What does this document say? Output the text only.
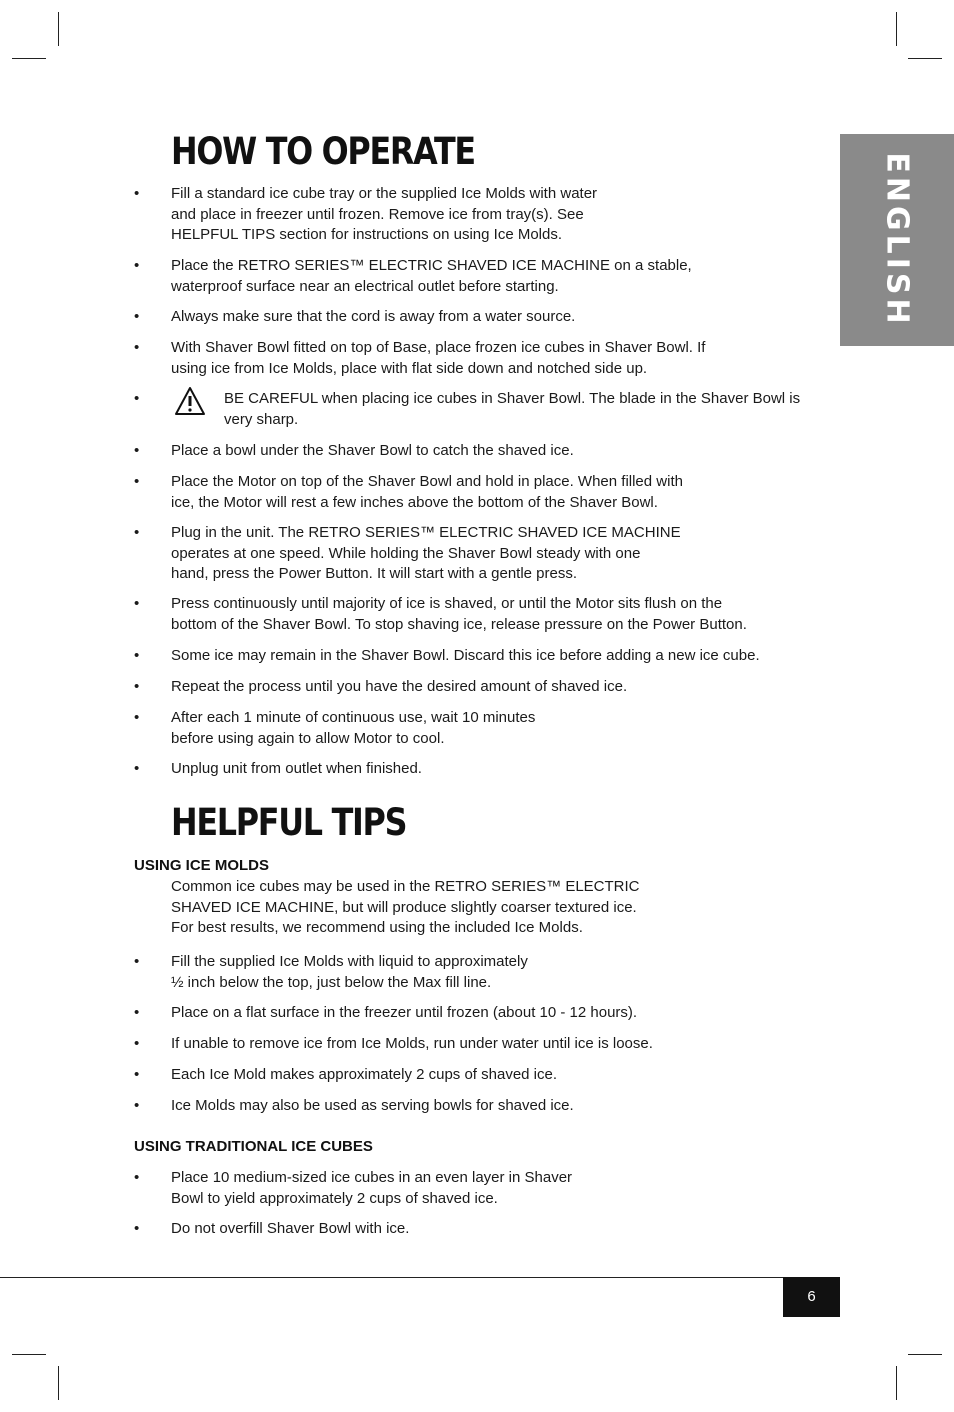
ENGLISH
HOW TO OPERATE
•	Fill a standard ice cube tray or the supplied Ice Molds with water
and place in freezer until frozen. Remove ice from tray(s). See
HELPFUL TIPS section for instructions on using Ice Molds.
•	Place the RETRO SERIES™ ELECTRIC SHAVED ICE MACHINE on a stable,
waterproof surface near an electrical outlet before starting.
•	Always make sure that the cord is away from a water source.
•	With Shaver Bowl fitted on top of Base, place frozen ice cubes in Shaver Bowl. If
using ice from Ice Molds, place with flat side down and notched side up.
•	BE CAREFUL when placing ice cubes in Shaver Bowl. The blade in the Shaver Bowl is
very sharp.
•	Place a bowl under the Shaver Bowl to catch the shaved ice.
•	Place the Motor on top of the Shaver Bowl and hold in place. When filled with
ice, the Motor will rest a few inches above the bottom of the Shaver Bowl.
•	Plug in the unit. The RETRO SERIES™ ELECTRIC SHAVED ICE MACHINE
operates at one speed. While holding the Shaver Bowl steady with one
hand, press the Power Button. It will start with a gentle press.
•	Press continuously until majority of ice is shaved, or until the Motor sits flush on the
bottom of the Shaver Bowl. To stop shaving ice, release pressure on the Power Button.
•	Some ice may remain in the Shaver Bowl. Discard this ice before adding a new ice cube.
•	Repeat the process until you have the desired amount of shaved ice.
•	After each 1 minute of continuous use, wait 10 minutes
before using again to allow Motor to cool.
•	Unplug unit from outlet when finished.
HELPFUL TIPS
USING ICE MOLDS
Common ice cubes may be used in the RETRO SERIES™ ELECTRIC
SHAVED ICE MACHINE, but will produce slightly coarser textured ice.
For best results, we recommend using the included Ice Molds.
•	Fill the supplied Ice Molds with liquid to approximately
½ inch below the top, just below the Max fill line.
•	Place on a flat surface in the freezer until frozen (about 10 - 12 hours).
•	If unable to remove ice from Ice Molds, run under water until ice is loose.
•	Each Ice Mold makes approximately 2 cups of shaved ice.
•	Ice Molds may also be used as serving bowls for shaved ice.
USING TRADITIONAL ICE CUBES
•	Place 10 medium-sized ice cubes in an even layer in Shaver
Bowl to yield approximately 2 cups of shaved ice.
•	Do not overfill Shaver Bowl with ice.
6
